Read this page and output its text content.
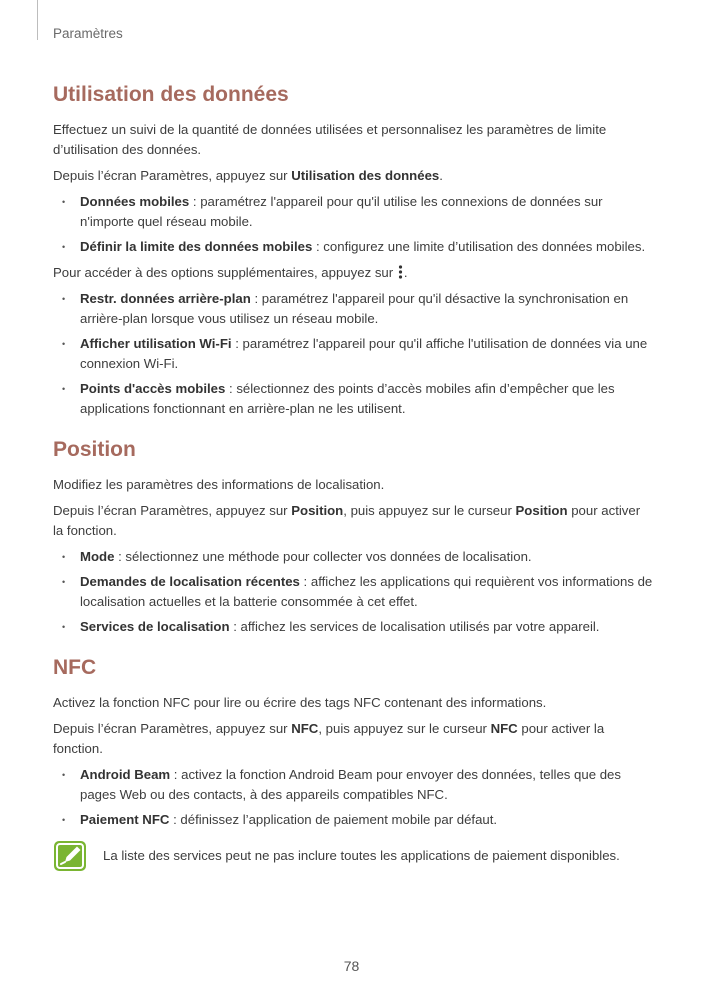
Paramètres
Utilisation des données

Effectuez un suivi de la quantité de données utilisées et personnalisez les paramètres de limite d’utilisation des données.

Depuis l’écran Paramètres, appuyez sur Utilisation des données.

• Données mobiles : paramétrez l'appareil pour qu'il utilise les connexions de données sur n'importe quel réseau mobile.
• Définir la limite des données mobiles : configurez une limite d’utilisation des données mobiles.

Pour accéder à des options supplémentaires, appuyez sur .

• Restr. données arrière-plan : paramétrez l'appareil pour qu'il désactive la synchronisation en arrière-plan lorsque vous utilisez un réseau mobile.
• Afficher utilisation Wi-Fi : paramétrez l'appareil pour qu'il affiche l'utilisation de données via une connexion Wi-Fi.
• Points d'accès mobiles : sélectionnez des points d’accès mobiles afin d’empêcher que les applications fonctionnant en arrière-plan ne les utilisent.
Position

Modifiez les paramètres des informations de localisation.

Depuis l’écran Paramètres, appuyez sur Position, puis appuyez sur le curseur Position pour activer la fonction.

• Mode : sélectionnez une méthode pour collecter vos données de localisation.
• Demandes de localisation récentes : affichez les applications qui requièrent vos informations de localisation actuelles et la batterie consommée à cet effet.
• Services de localisation : affichez les services de localisation utilisés par votre appareil.
NFC

Activez la fonction NFC pour lire ou écrire des tags NFC contenant des informations.

Depuis l’écran Paramètres, appuyez sur NFC, puis appuyez sur le curseur NFC pour activer la fonction.

• Android Beam : activez la fonction Android Beam pour envoyer des données, telles que des pages Web ou des contacts, à des appareils compatibles NFC.
• Paiement NFC : définissez l’application de paiement mobile par défaut.
La liste des services peut ne pas inclure toutes les applications de paiement disponibles.
78
